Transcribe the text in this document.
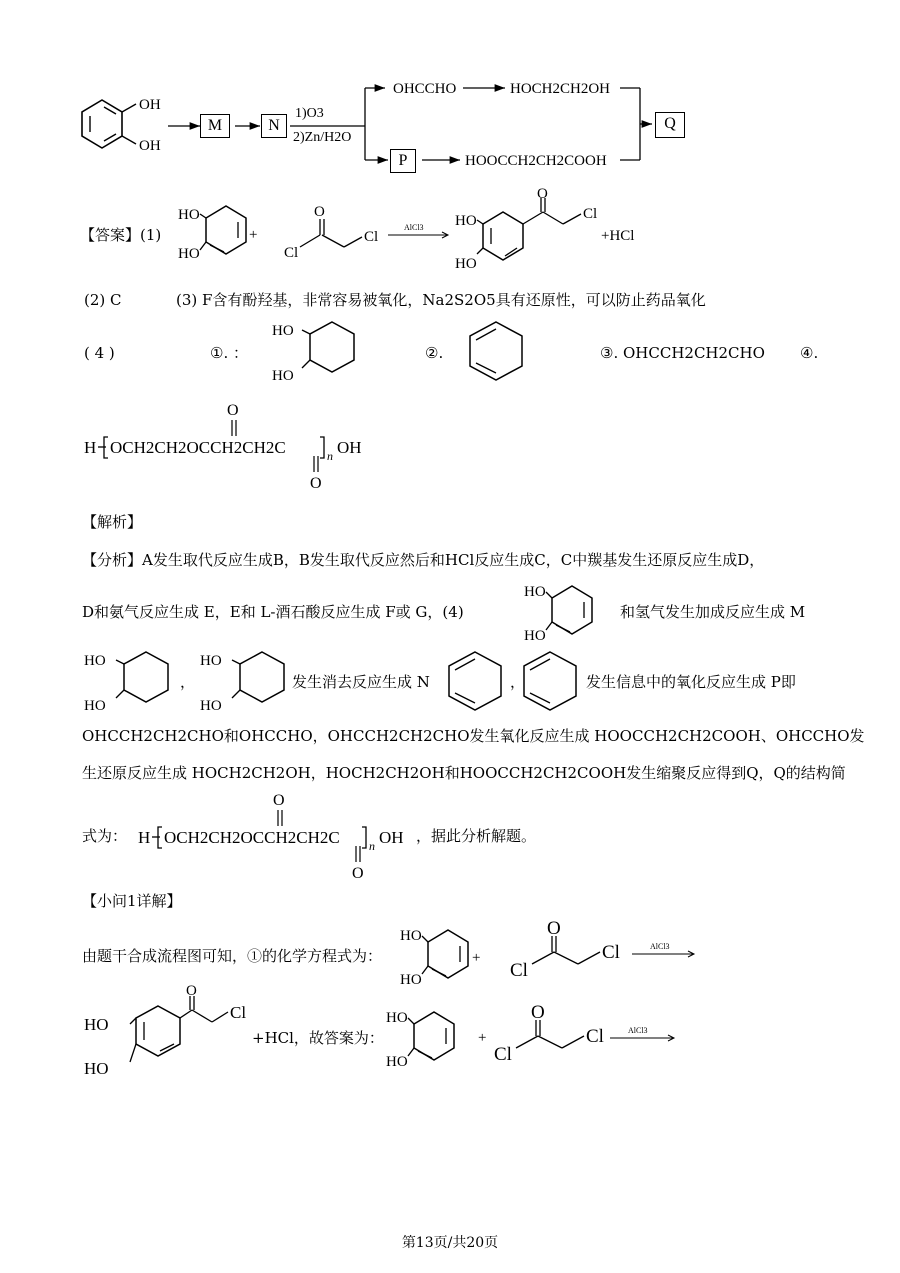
OH
OH
M	N
P
Q
1)O3
2)Zn/H2O
OHCCHO	HOCH2CH2OH
HOOCCH2CH2COOH
【答案】(1)
HO
HO
+
Cl
O
Cl
AlCl3 HO
HO
O
Cl
+HCl
(2) C	(3) F含有酚羟基，非常容易被氧化，Na2S2O5具有还原性，可以防止药品氧化
( 4 )	①. ：
HO
HO
②.	③. OHCCH2CH2CHO ④.
H OCH2CH2OCCH2CH2C
O
O
n OH
【解析】
【分析】A发生取代反应生成B，B发生取代反应然后和HCl反应生成C，C中羰基发生还原反应生成D，
D和氨气反应生成 E，E和 L-酒石酸反应生成 F或 G，(4)
HO
HO
和氢气发生加成反应生成 M
HO
HO
，
HO
HO
发生消去反应生成 N	，	发生信息中的氧化反应生成 P即
OHCCH2CH2CHO和OHCCHO，OHCCH2CH2CHO发生氧化反应生成 HOOCCH2CH2COOH、OHCCHO发
生还原反应生成 HOCH2CH2OH，HOCH2CH2OH和HOOCCH2CH2COOH发生缩聚反应得到Q，Q的结构简
式为： H OCH2CH2OCCH2CH2C
O
O
n OH ，据此分析解题。
【小问1详解】
由题干合成流程图可知，①的化学方程式为：
HO
HO
+
Cl
O
Cl	AlCl3
HO
HO
O
Cl
+HCl，故答案为：
HO
HO
+
Cl
O
Cl	AlCl3
第13页/共20页
